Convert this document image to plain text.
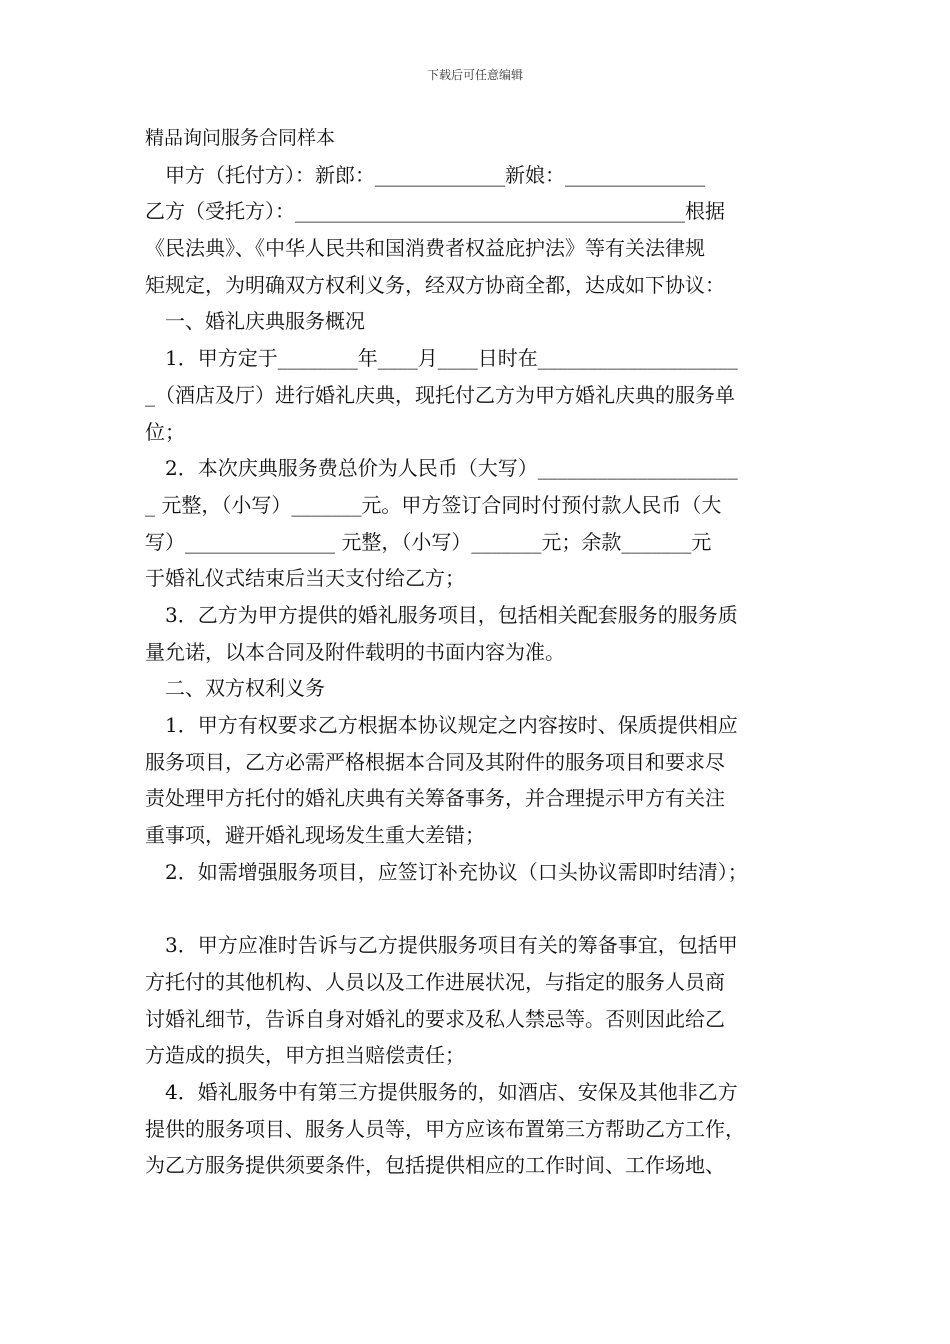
下载后可任意编辑

精品询问服务合同样本

　甲方（托付方）：新郎：_____________新娘：______________

乙方（受托方）：_______________________________________根据

《民法典》、《中华人民共和国消费者权益庇护法》等有关法律规

矩规定，为明确双方权利义务，经双方协商全都，达成如下协议：

　一、婚礼庆典服务概况

　1．甲方定于________年____月____日时在____________________

_（酒店及厅）进行婚礼庆典，现托付乙方为甲方婚礼庆典的服务单

位；

　2．本次庆典服务费总价为人民币（大写）____________________

_ 元整，（小写）_______元。甲方签订合同时付预付款人民币（大

写）_______________ 元整，（小写）_______元；余款_______元

于婚礼仪式结束后当天支付给乙方；

　3．乙方为甲方提供的婚礼服务项目，包括相关配套服务的服务质

量允诺，以本合同及附件载明的书面内容为准。

　二、双方权利义务

　1．甲方有权要求乙方根据本协议规定之内容按时、保质提供相应

服务项目，乙方必需严格根据本合同及其附件的服务项目和要求尽

责处理甲方托付的婚礼庆典有关筹备事务，并合理提示甲方有关注

重事项，避开婚礼现场发生重大差错；

　2．如需增强服务项目，应签订补充协议（口头协议需即时结清）；

　3．甲方应准时告诉与乙方提供服务项目有关的筹备事宜，包括甲

方托付的其他机构、人员以及工作进展状况，与指定的服务人员商

讨婚礼细节，告诉自身对婚礼的要求及私人禁忌等。否则因此给乙

方造成的损失，甲方担当赔偿责任；

　4．婚礼服务中有第三方提供服务的，如酒店、安保及其他非乙方

提供的服务项目、服务人员等，甲方应该布置第三方帮助乙方工作，

为乙方服务提供须要条件，包括提供相应的工作时间、工作场地、
